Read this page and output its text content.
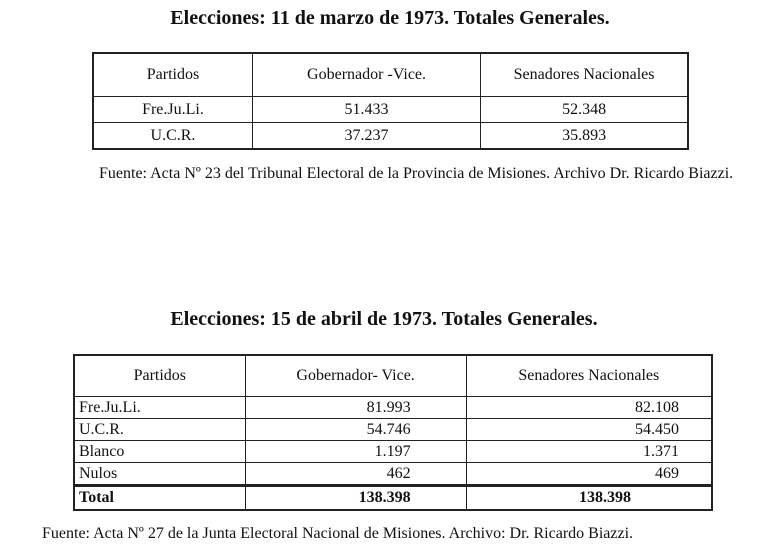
Elecciones: 11 de marzo de 1973. Totales Generales.
Partidos	Gobernador -Vice.	Senadores Nacionales
Fre.Ju.Li.	51.433	52.348
U.C.R.	37.237	35.893
Fuente: Acta Nº 23 del Tribunal Electoral de la Provincia de Misiones. Archivo Dr. Ricardo Biazzi.
Elecciones: 15 de abril de 1973. Totales Generales.
Partidos	Gobernador- Vice.	Senadores Nacionales
Fre.Ju.Li.	81.993	82.108
U.C.R.	54.746	54.450
Blanco	1.197	1.371
Nulos	462	469
Total	138.398	138.398
Fuente: Acta Nº 27 de la Junta Electoral Nacional de Misiones. Archivo: Dr. Ricardo Biazzi.
